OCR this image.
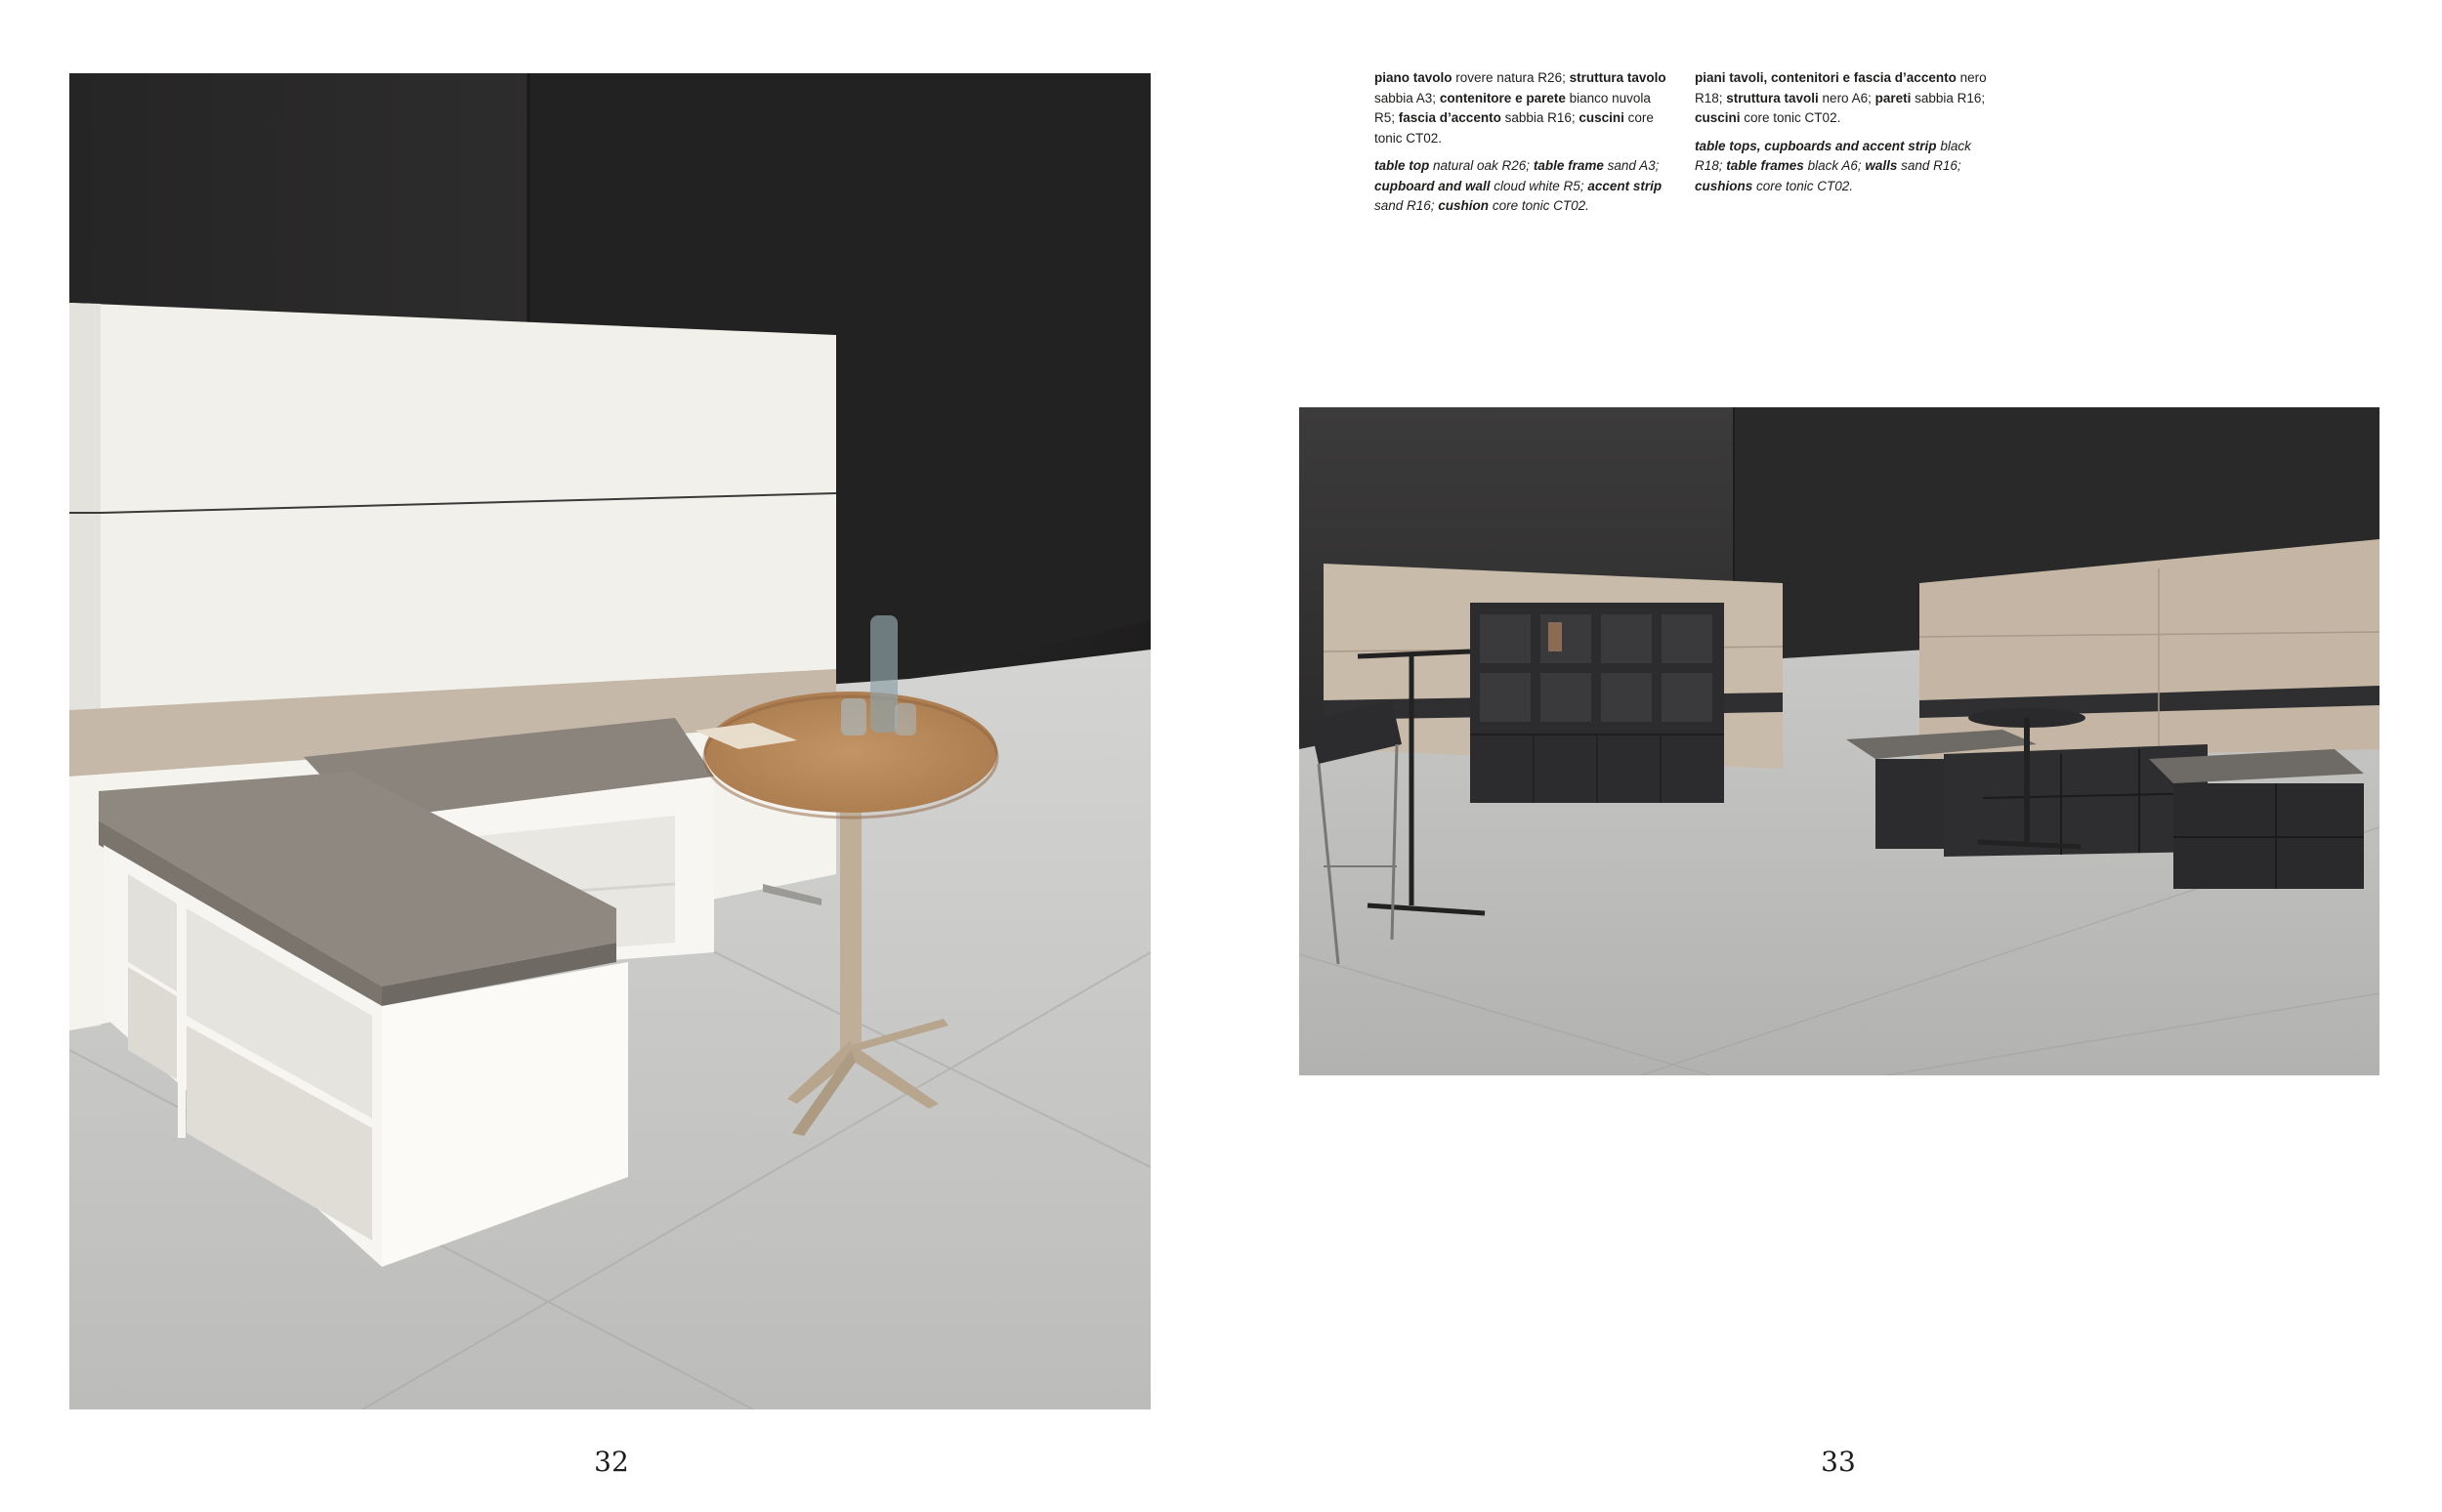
piano tavolo rovere natura R26; struttura tavolo sabbia A3; contenitore e parete bianco nuvola R5; fascia d’accento sabbia R16; cuscini core tonic CT02.

table top natural oak R26; table frame sand A3; cupboard and wall cloud white R5; accent strip sand R16; cushion core tonic CT02.

piani tavoli, contenitori e fascia d’accento nero R18; struttura tavoli nero A6; pareti sabbia R16; cuscini core tonic CT02.

table tops, cupboards and accent strip black R18; table frames black A6; walls sand R16; cushions core tonic CT02.

32	33
